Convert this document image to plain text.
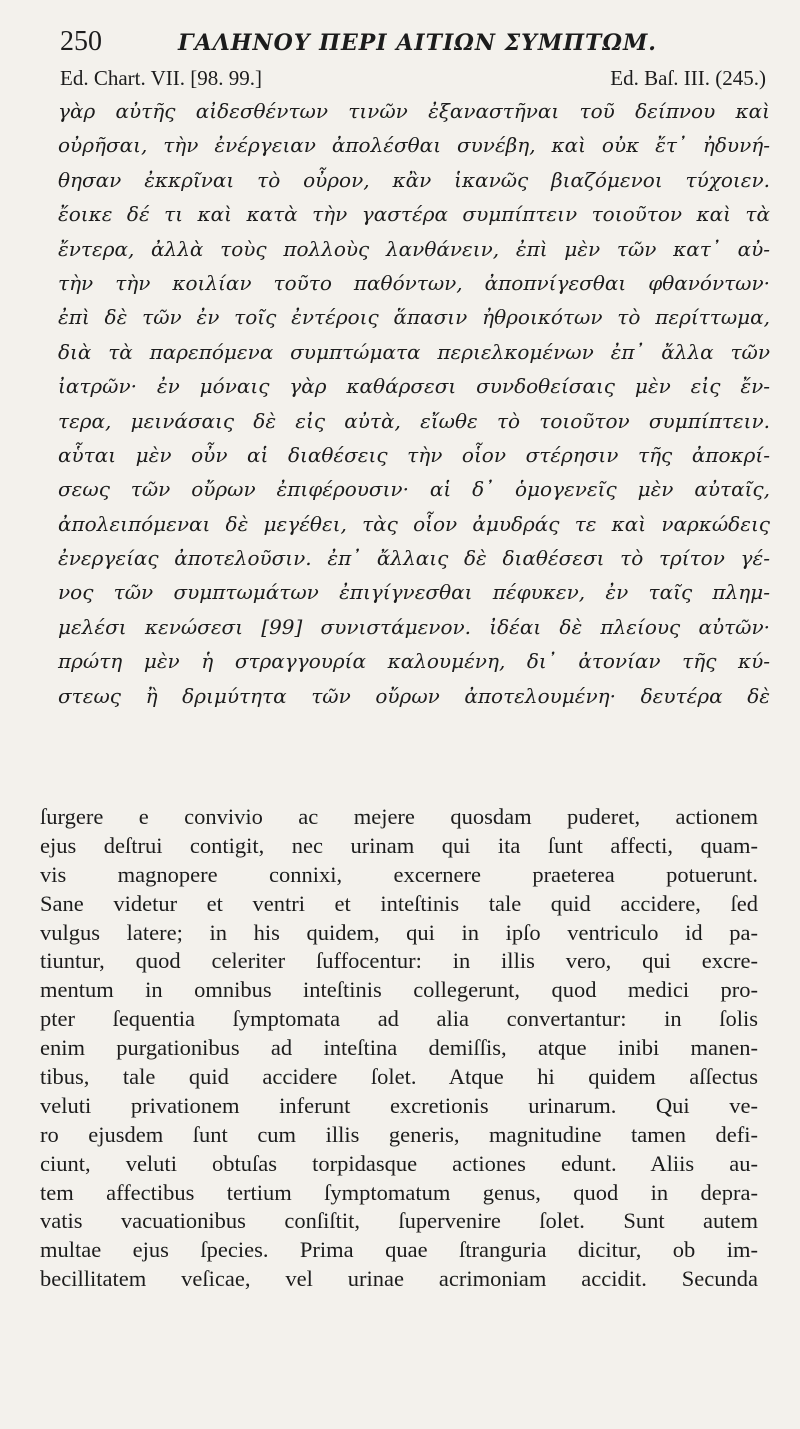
250	ΓΑΛΗΝΟΥ ΠΕΡΙ ΑΙΤΙΩΝ ΣΥΜΠΤΩΜ.
Ed. Chart. VII. [98. 99.]	Ed. Baſ. III. (245.)
γὰρ αὐτῆς αἰδεσθέντων τινῶν ἐξαναστῆναι τοῦ δείπνου καὶ
οὐρῆσαι, τὴν ἐνέργειαν ἀπολέσθαι συνέβη, καὶ οὐκ ἔτ᾽ ἠδυνή-
θησαν ἐκκρῖναι τὸ οὖρον, κἂν ἱκανῶς βιαζόμενοι τύχοιεν.
ἔοικε δέ τι καὶ κατὰ τὴν γαστέρα συμπίπτειν τοιοῦτον καὶ τὰ
ἔντερα, ἀλλὰ τοὺς πολλοὺς λανθάνειν, ἐπὶ μὲν τῶν κατ᾽ αὐ-
τὴν τὴν κοιλίαν τοῦτο παθόντων, ἀποπνίγεσθαι φθανόντων·
ἐπὶ δὲ τῶν ἐν τοῖς ἐντέροις ἅπασιν ἠθροικότων τὸ περίττωμα,
διὰ τὰ παρεπόμενα συμπτώματα περιελκομένων ἐπ᾽ ἄλλα τῶν
ἰατρῶν· ἐν μόναις γὰρ καθάρσεσι συνδοθείσαις μὲν εἰς ἔν-
τερα, μεινάσαις δὲ εἰς αὐτὰ, εἴωθε τὸ τοιοῦτον συμπίπτειν.
αὗται μὲν οὖν αἱ διαθέσεις τὴν οἷον στέρησιν τῆς ἀποκρί-
σεως τῶν οὔρων ἐπιφέρουσιν· αἱ δ᾽ ὁμογενεῖς μὲν αὐταῖς,
ἀπολειπόμεναι δὲ μεγέθει, τὰς οἷον ἀμυδράς τε καὶ ναρκώδεις
ἐνεργείας ἀποτελοῦσιν. ἐπ᾽ ἄλλαις δὲ διαθέσεσι τὸ τρίτον γέ-
νος τῶν συμπτωμάτων ἐπιγίγνεσθαι πέφυκεν, ἐν ταῖς πλημ-
μελέσι κενώσεσι [99] συνιστάμενον. ἰδέαι δὲ πλείους αὐτῶν·
πρώτη μὲν ἡ στραγγουρία καλουμένη, δι᾽ ἀτονίαν τῆς κύ-
στεως ἢ δριμύτητα τῶν οὔρων ἀποτελουμένη· δευτέρα δὲ
ſurgere e convivio ac mejere quosdam puderet, actionem
ejus deſtrui contigit, nec urinam qui ita ſunt affecti, quam-
vis magnopere connixi, excernere praeterea potuerunt.
Sane videtur et ventri et inteſtinis tale quid accidere, ſed
vulgus latere; in his quidem, qui in ipſo ventriculo id pa-
tiuntur, quod celeriter ſuffocentur: in illis vero, qui excre-
mentum in omnibus inteſtinis collegerunt, quod medici pro-
pter ſequentia ſymptomata ad alia convertantur: in ſolis
enim purgationibus ad inteſtina demiſſis, atque inibi manen-
tibus, tale quid accidere ſolet. Atque hi quidem aſſectus
veluti privationem inferunt excretionis urinarum. Qui ve-
ro ejusdem ſunt cum illis generis, magnitudine tamen defi-
ciunt, veluti obtuſas torpidasque actiones edunt. Aliis au-
tem affectibus tertium ſymptomatum genus, quod in depra-
vatis vacuationibus conſiſtit, ſupervenire ſolet. Sunt autem
multae ejus ſpecies. Prima quae ſtranguria dicitur, ob im-
becillitatem veſicae, vel urinae acrimoniam accidit. Secunda
